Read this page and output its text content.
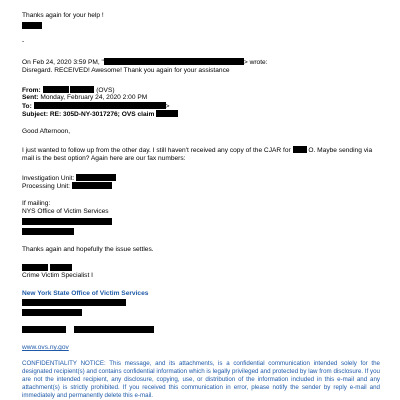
Thanks again for your help !
-
On Feb 24, 2020 3:59 PM, "	> wrote:
Disregard. RECEIVED! Awesome! Thank you again for your assistance
From:	(OVS)
Sent: Monday, February 24, 2020 2:00 PM
To:	>
Subject: RE: 305D-NY-3017276; OVS claim
Good Afternoon,
I just wanted to follow up from the other day. I still haven't received any copy of the CJAR for	O. Maybe sending via
mail is the best option? Again here are our fax numbers:
Investigation Unit:
Processing Unit:
If mailing:
NYS Office of Victim Services
Thanks again and hopefully the issue settles.

Crime Victim Specialist I
New York State Office of Victim Services

www.ovs.ny.gov
CONFIDENTIALITY NOTICE: This message, and its attachments, is a confidential communication intended solely for the designated recipient(s) and contains confidential information which is legally privileged and protected by law from disclosure. If you are not the intended recipient, any disclosure, copying, use, or distribution of the information included in this e-mail and any attachment(s) is strictly prohibited. If you received this communication in error, please notify the sender by reply e-mail and immediately and permanently delete this e-mail.
